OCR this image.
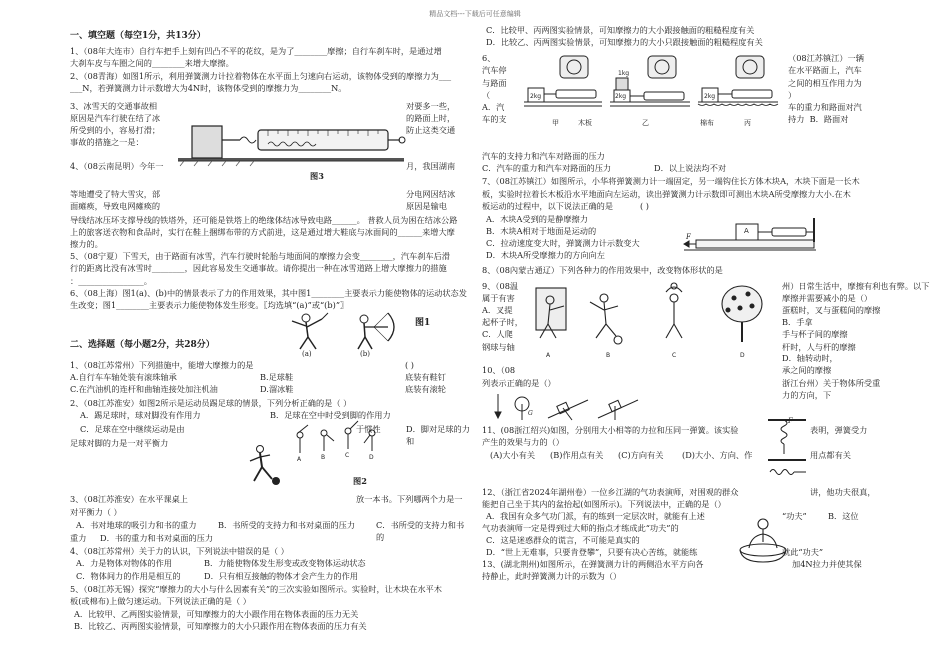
精品文档---下载后可任意编辑
一、填空题（每空1分，共13分）

1、（08年大连市）自行车把手上刻有凹凸不平的花纹，是为了________摩擦；自行车刹车时，是通过增

大刹车皮与车圈之间的________来增大摩擦。

2、（08青海）如图1所示，利用弹簧测力计拉着物体在水平面上匀速向右运动，该物体受到的摩擦力为___

___N，若弹簧测力计示数增大为4N时，该物体受到的摩擦力为________N。

3、冰雪天的交通事故相

原因是汽车行驶在结了冰

所受到的小，容易打滑；

事故的措施之一是：

图3

对要多一些，

的路面上时，

防止这类交通

4、（08云南昆明）今年一	月，我国湖南

等地遭受了特大雪灾，部

面瘫痪，导致电网瘫痪的

分电网因结冰

原因是输电

导线结冰压坏支撑导线的铁塔外，还可能是铁塔上的绝缘体结冰导致电路______。 普救人员为困在结冰公路

上的旅客送衣物和食品时，实行在鞋上捆绑布带的方式前进，这是通过增大鞋底与冰面间的______来增大摩

擦力的。

5、（08宁夏）下雪天，由于路面有冰雪，汽车行驶时轮胎与地面间的摩擦力会变________，汽车刹车后滑

行的距离比没有冰雪时________，因此容易发生交通事故。请你提出一种在冰雪道路上增大摩擦力的措施

：________________。

6、（08上海）图1(a)、(b)中的情景表示了力的作用效果，其中图1________主要表示力能使物体的运动状态发

生改变；图1________主要表示力能使物体发生形变。〖均选填“(a)”或“(b)”〗

(a)	(b)
图1
二、选择题（每小题2分，共28分）

1、（08江苏常州）下列措施中，能增大摩擦力的是	( )
A.自行车车轴处装有滚珠轴承	B.足球鞋	底装有鞋钉
C.在汽油机的连杆和曲轴连接处加注机油	D.溜冰鞋	底装有滚轮

2、（08江苏淮安）如图2所示是运动员踢足球的情景，下列分析正确的是（ ）

A．踢足球时，球对脚没有作用力	B．足球在空中时受到脚的作用力
C．足球在空中继续运动是由	于惯性	D．脚对足球的力和
足球对脚的力是一对平衡力
A	B	C	D
图2
3、（08江苏淮安）在水平课桌上	放一本书。下列哪两个力是一
对平衡力（ ）
A．书对地球的吸引力和书的重力	B．书所受的支持力和书对桌面的压力	C．书所受的支持力和书的
重力 D．书的重力和书对桌面的压力

4、（08江苏常州）关于力的认识，下列说法中错误的是（ ）

A．力是物体对物体的作用	B．力能使物体发生形变或改变物体运动状态
C．物体间力的作用是相互的	D．只有相互接触的物体才会产生力的作用

5、（08江苏无锡）探究“摩擦力的大小与什么因素有关”的三次实验如图所示。实验时，让木块在水平木

板(或棉布)上做匀速运动。下列说法正确的是（ ）

A．比较甲、乙两图实验情景，可知摩擦力的大小跟作用在物体表面的压力无关

B．比较乙、丙两图实验情景，可知摩擦力的大小只跟作用在物体表面的压力有关

C．比较甲、丙两图实验情景，可知摩擦力的大小跟接触面的粗糙程度有关

D．比较乙、丙两图实验情景，可知摩擦力的大小只跟接触面的粗糙程度有关

6、

汽车停

与路面

（

A．汽

车的支

2kg	2kg	2kg
1kg
甲	木板	乙	棉布	丙

（08江苏镇江）一辆

在水平路面上，汽车

之间的相互作用力为

）

车的重力和路面对汽

持力 B．路面对

汽车的支持力和汽车对路面的压力

C．汽车的重力和汽车对路面的压力	D．以上说法均不对

7、（08江苏镇江）如图所示，小华将弹簧测力计一端固定，另一端钩住长方体木块A，木块下面是一长木

板，实验时拉着长木板沿水平地面向左运动，读出弹簧测力计示数即可测出木块A所受摩擦力大小.在木

板运动的过程中，以下说法正确的是	( )
A．木块A受到的是静摩擦力
B．木块A相对于地面是运动的
C．拉动速度变大时，弹簧测力计示数变大
D．木块A所受摩擦力的方向向左
A
F

8、（08內蒙古通辽）下列各种力的作用效果中，改变物体形状的是

9、（08温

属于有害

A．叉提

起杯子时，

C．人爬

钢球与轴

A	B	C	D

州）日常生活中，摩擦有利也有弊。以下

摩擦并需要减小的是（）

蛋糕时，叉与蛋糕间的摩擦

B．手拿

手与杯子间的摩擦

杆时，人与杆的摩擦

10、（08
D．轴转动时，
承之间的摩擦
浙江台州）关于物体所受重力的方向，下
列表示正确的是（）
G
11、(08浙江绍兴)如图，分别用大小相等的力拉和压同一弹簧。该实验	表明，弹簧受力
产生的效果与力的（）
(A)大小有关 (B)作用点有关 (C)方向有关 (D)大小、方向、作	用点都有关
F
12、（浙江省2024年湖州卷）一位乡江湖的气功表演师，对围观的群众	讲，他功夫很真，
能把自己坐于其内的盆抬起(如图所示)。下列说法中，正确的是（）
A．我国有众多气功门派，有的练到一定层次时，就能有上述	“功夫”	B．这位
气功表演师一定是得到过大师的指点才练成此“功夫”的
C．这是迷惑群众的谎言，不可能是真实的
D．“世上无难事，只要肯登攀”，只要有决心苦练，就能练	就此“功夫”
13、(湖北荆州)如图所示，在弹簧测力计的两侧沿水平方向各	加4N拉力并使其保
持静止，此时弹簧测力计的示数为（）
